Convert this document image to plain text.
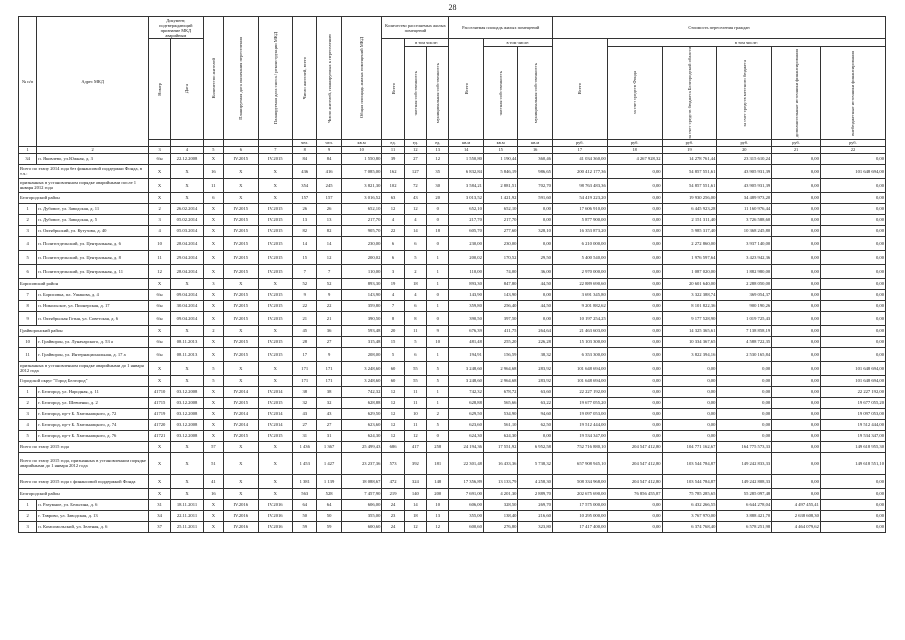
28
№ п/п	Адрес МКД	Документ, подтверждающий признание МКД аварийным		Количество жителей	Планируемая дата окончания переселения	Планируемая дата сноса / реконструкции МКД	Число жителей, всего	Число жителей, планируемых к переселению	Общая площадь жилых помещений МКД	Количество расселяемых жилых помещений			Расселяемая площадь жилых помещений			Стоимость переселения граждан					

		Номер	Дата							Всего	в том числе:		Всего	в том числе:		Всего	в том числе:				

											частная собственность	муниципальная собственность		частная собственность	муниципальная собственность		за счет средств Фонда	за счет средств бюджета Белгородской области	за счет средств местного бюджета	дополнительные источники финансирования	внебюджетные источники финансирования

							чел.	чел.	кв.м	ед.	ед.	ед.	кв.м	кв.м	кв.м	руб.	руб.	руб.	руб.	руб.	руб.
1	2	3	4	5	6	7	8	9	10	11	12	13	14	15	16	17	18	19	20	21	22
34	п. Яковлево, ул.Южная, д. 3	б/н	22.12.2008	X	IV.2015	IV.2015	84	84	1 550,80	39	27	12	1 550,80	1 190,44	360,46	41 034 360,00	4 267 928,32	14 278 761,44	23 315 610,24	0,00	0,00
Всего по этапу 2014 года без финансовой поддержки Фонда, в т.ч.:		X	X	16	X	X	436	416	7 085,00	162	127	35	6 832,84	5 846,19	986,65	200 412 177,36	0,00	54 857 551,61	43 905 931,39	0,00	101 648 694,00
признанных в установленном порядке аварийными после 1 января 2012 года		X	X	11	X	X	354	245	3 821,30	102	72	30	3 584,21	2 881,51	702,70	98 763 483,36	0,00	54 857 551,61	43 905 931,39	0,00	0,00
Белгородский район		X	X	6	X	X	157	157	3 016,52	63	43	20	3 013,52	1 421,92	591,60	54 419 223,20	0,00	19 930 256,00	34 489 973,20	0,00	0,00
1	п. Дубовое, ул. Заводская, д. 11	2	26.02.2014	X	IV.2015	IV.2015	26	26	652,10	12	12	0	652,10	652,10	0,00	17 606 910,00	0,00	6 445 923,28	11 160 976,44	0,00	0,00
2	п. Дубовое, ул. Заводская, д. 5	3	05.02.2014	X	IV.2015	IV.2015	13	13	217,70	4	4	0	217,70	217,70	0,00	5 877 900,00	0,00	2 151 311,40	3 726 588,60	0,00	0,00
3	п. Октябрьский, ул. Кутузова, д. 40	4	05.03.2014	X	IV.2015	IV.2015	82	82	905,70	22	14	18	605,70	277,60	328,10	16 353 873,20	0,00	5 985 317,40	10 368 245,80	0,00	0,00
4	п. Политотдельский, ул. Центральная, д. 6	10	28.04.2014	X	IV.2015	IV.2015	14	14	230,00	6	6	0	230,00	230,00	0,00	6 210 000,00	0,00	2 272 860,00	3 937 140,00	0,00	0,00
5	п. Политотдельский, ул. Центральная, д. 8	11	29.04.2014	X	IV.2015	IV.2015	15	12	200,02	6	5	1	200,02	170,52	29,50	5 400 540,00	0,00	1 976 597,64	3 423 942,36	0,00	0,00
6	п. Политотдельский, ул. Центральная, д. 11	12	28.04.2014	X	IV.2015	IV.2015	7	7	110,00	3	2	1	110,00	74,00	36,00	2 970 000,00	0,00	1 087 020,00	1 882 980,00	0,00	0,00
Борисовский район		X	X	3	X	X	52	52	893,30	19	18	1	893,30	847,80	44,50	22 889 690,60	0,00	20 601 640,00	2 288 050,00	0,00	0,00
7	п. Борисовка, пл. Ушакова, д. 4	б/н	09.04.2014	X	IV.2015	IV.2015	9	9	143,90	4	4	0	143,90	143,90	0,00	3 691 345,80	0,00	3 322 388,74	369 054,37	0,00	0,00
8	п. Никольское, ул. Пионерская, д. 17	б/н	30.04.2014	X	IV.2015	IV.2015	22	22	359,80	7	6	1	359,80	256,40	44,50	9 201 882,62	0,00	8 101 822,36	900 190,26	0,00	0,00
9	п. Октябрьская Готня, ул. Советская, д. 6	б/н	09.04.2014	X	IV.2015	IV.2015	21	21	390,50	8	8	0	390,50	397,50	0,00	10 197 254,25	0,00	9 177 528,90	1 019 725,43	0,00	0,00
Грайворонский район		X	X	2	X	X	45	36	593,48	20	11	9	676,39	411,75	264,64	21 463 603,00	0,00	14 325 365,61	7 138 858,19	0,00	0,00
10	г. Грайворон, ул. Луначарского, д. 53 а	б/н	08.11.2013	X	IV.2015	IV.2015	28	27	315,48	15	5	10	481,48	255,20	226,28	15 103 300,00	0,00	10 334 367,65	4 588 722,35	0,00	0,00
11	г. Грайворон, ул. Интернациональная, д. 17 а	б/н	08.11.2013	X	IV.2015	IV.2015	17	9	208,00	5	6	1	194,91	156,59	38,32	6 353 300,00	0,00	3 822 394,16	2 530 165,84	0,00	0,00
признанных в установленном порядке аварийными до 1 января 2012 года		X	X	5	X	X	171	171	3 248,60	60	55	5	3 248,60	2 964,68	283,92	101 648 694,00	0,00	0,00	0,00	0,00	101 648 694,00
Городской округ "Город Белгород"		X	X	5	X	X	171	171	3 248,60	60	55	5	3 248,60	2 964,68	283,92	101 648 694,00	0,00	0,00	0,00	0,00	101 648 694,00
1	г. Белгород, ул. Народная, д. 11	41710	03.12.2008	X	IV.2014	IV.2014	38	38	742,32	12	11	1	742,32	678,72	63,60	22 227 192,00	0,00	0,00	0,00	0,00	22 227 192,00
2	г. Белгород, ул. Шевченко, д. 2	41715	03.12.2008	X	IV.2015	IV.2015	32	32	628,88	12	11	1	628,88	565,66	63,22	19 677 055,20	0,00	0,00	0,00	0,00	19 677 055,20
3	г. Белгород, пр-т Б. Хмельницкого, д. 72	41719	03.12.2008	X	IV.2014	IV.2014	43	43	629,50	12	10	2	629,50	534,90	94,60	19 097 053,00	0,00	0,00	0,00	0,00	19 097 053,00
4	г. Белгород, пр-т Б. Хмельницкого, д. 74	41720	03.12.2008	X	IV.2014	IV.2014	27	27	623,60	12	11	5	623,60	561,10	62,50	19 512 444,00	0,00	0,00	0,00	0,00	19 512 444,00
5	г. Белгород, пр-т Б. Хмельницкого, д. 76	41721	03.12.2008	X	IV.2015	IV.2015	31	31	624,30	12	12	0	624,30	624,30	0,00	19 534 347,00	0,00	0,00	0,00	0,00	19 534 347,00
Всего по этапу 2015 года		X	X	57	X	X	1 436	1 367	25 499,43	686	417	258	24 194,36	17 551,92	6 952,58	752 716 880,10	204 547 412,80	104 771 162,67	164 775 573,33	0,00	149 618 955,30
Всего по этапу 2015 года, признанных в установленном порядке аварийными до 1 января 2012 года		X	X	51	X	X	1 453	1 427	23 237,36	573	392	181	22 301,48	16 433,36	5 738,32	657 908 945,10	204 547 412,80	103 544 784,87	149 242 833,33	0,00	149 618 551,10
Всего по этапу 2015 года с финансовой поддержкой Фонда		X	X	41	X	X	1 381	1 139	18 088,67	472	324	148	17 356,89	13 133,79	4 258,30	508 334 968,00	204 547 412,80	103 544 784,87	149 242 808,33	0,00	0,00
Белгородский район		X	X	16	X	X	563	528	7 457,90	219	140	200	7 691,00	4 201,30	2 889,70	202 675 690,00	76 856 455,87	75 785 285,65	55 285 097,48	0,00	0,00
1	п. Разумное, ул. Бельгина, д. 6	31	18.11.2011	X	IV.2016	IV.2016	64	64	606,00	24	14	10	606,00	328,50	269,70	17 575 000,00	0,00	6 432 266,55	6 644 278,04	4 497 455,41	0,00
2	г. Таврово, ул. Заводская, д. 13	34	22.11.2011	X	IV.2016	IV.2016	50	50	355,00	23	18	13	355,00	138,40	216,60	10 295 000,00	0,00	3 767 970,00	3 888 421,70	2 638 608,30	0,00
3	п. Комсомольский, ул. Зеленая, д. 6	37	25.11.2011	X	IV.2016	IV.2016	59	59	600,60	24	12	12	600,60	276,80	323,80	17 417 400,00	0,00	6 374 768,40	6 578 251,98	4 464 079,62	0,00
